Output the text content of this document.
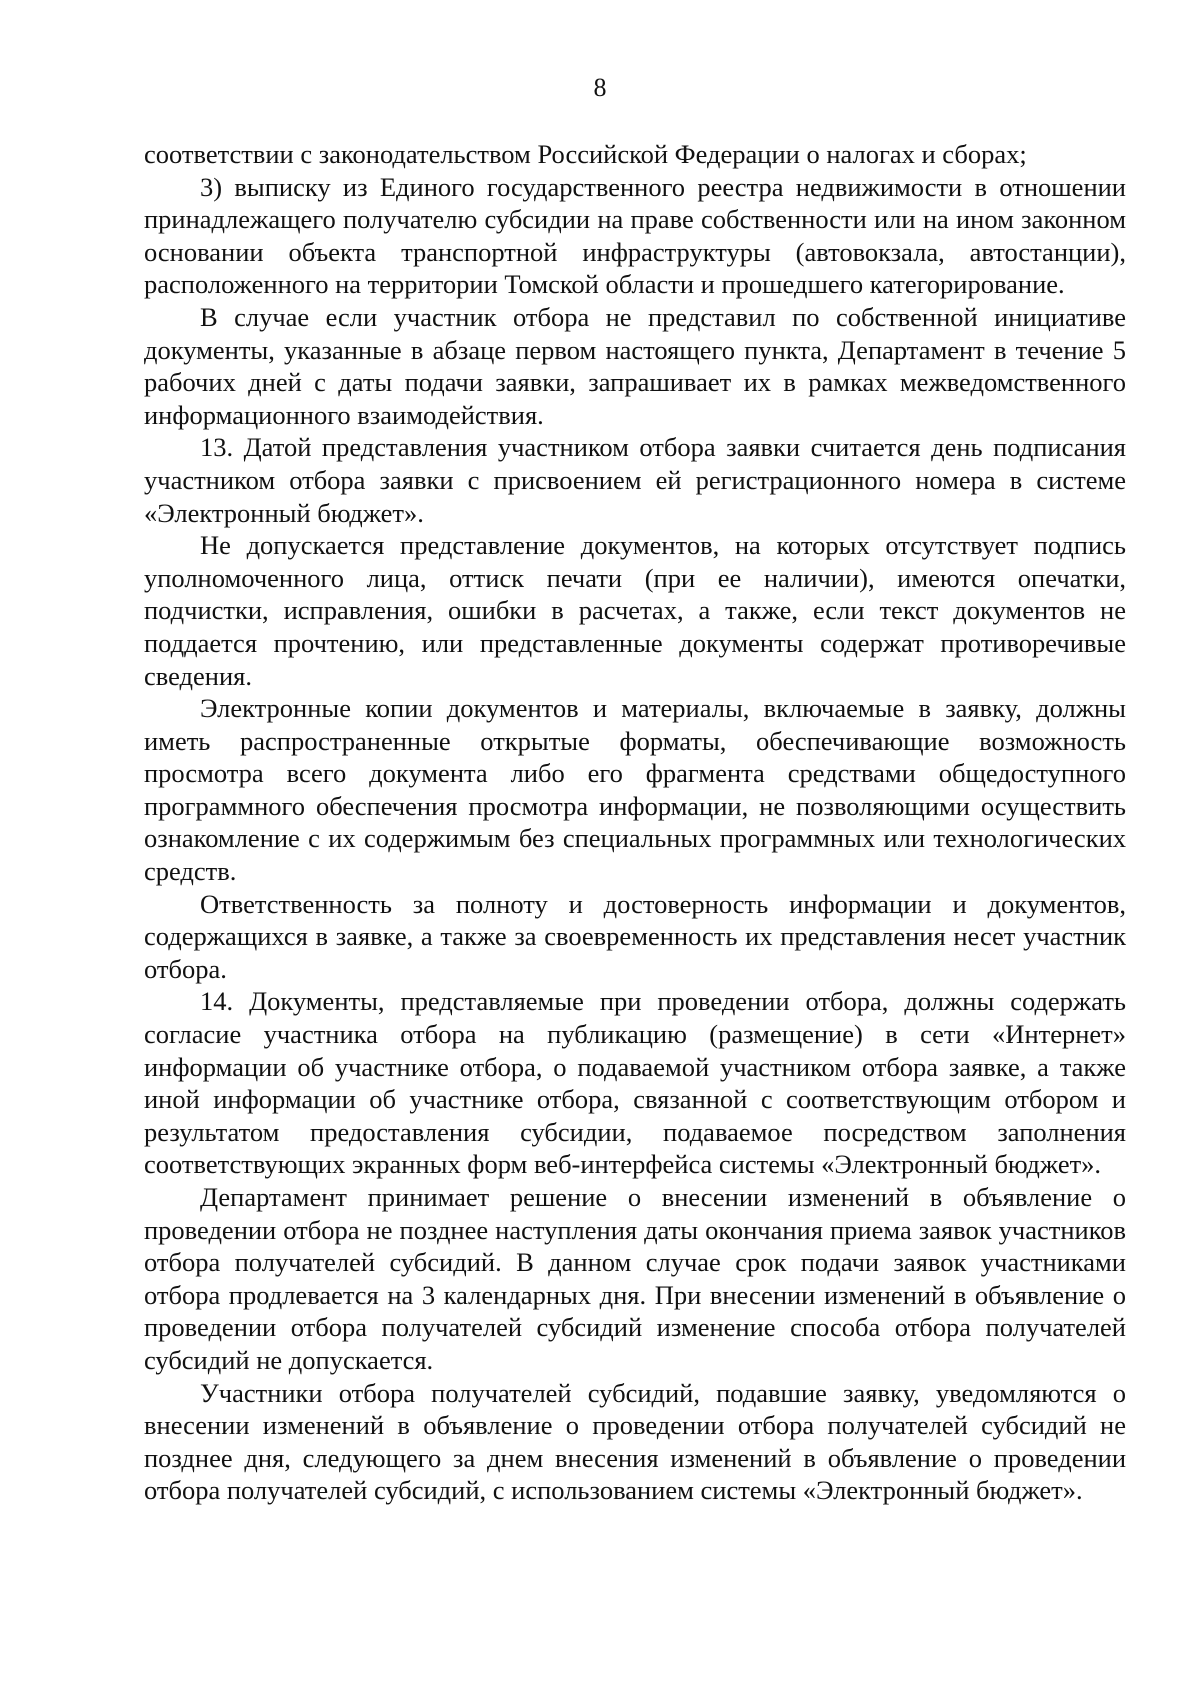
8

соответствии с законодательством Российской Федерации о налогах и сборах;

3) выписку из Единого государственного реестра недвижимости в отношении принадлежащего получателю субсидии на праве собственности или на ином законном основании объекта транспортной инфраструктуры (автовокзала, автостанции), расположенного на территории Томской области и прошедшего категорирование.

В случае если участник отбора не представил по собственной инициативе документы, указанные в абзаце первом настоящего пункта, Департамент в течение 5 рабочих дней с даты подачи заявки, запрашивает их в рамках межведомственного информационного взаимодействия.

13. Датой представления участником отбора заявки считается день подписания участником отбора заявки с присвоением ей регистрационного номера в системе «Электронный бюджет».

Не допускается представление документов, на которых отсутствует подпись уполномоченного лица, оттиск печати (при ее наличии), имеются опечатки, подчистки, исправления, ошибки в расчетах, а также, если текст документов не поддается прочтению, или представленные документы содержат противоречивые сведения.

Электронные копии документов и материалы, включаемые в заявку, должны иметь распространенные открытые форматы, обеспечивающие возможность просмотра всего документа либо его фрагмента средствами общедоступного программного обеспечения просмотра информации, не позволяющими осуществить ознакомление с их содержимым без специальных программных или технологических средств.

Ответственность за полноту и достоверность информации и документов, содержащихся в заявке, а также за своевременность их представления несет участник отбора.

14. Документы, представляемые при проведении отбора, должны содержать согласие участника отбора на публикацию (размещение) в сети «Интернет» информации об участнике отбора, о подаваемой участником отбора заявке, а также иной информации об участнике отбора, связанной с соответствующим отбором и результатом предоставления субсидии, подаваемое посредством заполнения соответствующих экранных форм веб-интерфейса системы «Электронный бюджет».

Департамент принимает решение о внесении изменений в объявление о проведении отбора не позднее наступления даты окончания приема заявок участников отбора получателей субсидий. В данном случае срок подачи заявок участниками отбора продлевается на 3 календарных дня. При внесении изменений в объявление о проведении отбора получателей субсидий изменение способа отбора получателей субсидий не допускается.

Участники отбора получателей субсидий, подавшие заявку, уведомляются о внесении изменений в объявление о проведении отбора получателей субсидий не позднее дня, следующего за днем внесения изменений в объявление о проведении отбора получателей субсидий, с использованием системы «Электронный бюджет».
